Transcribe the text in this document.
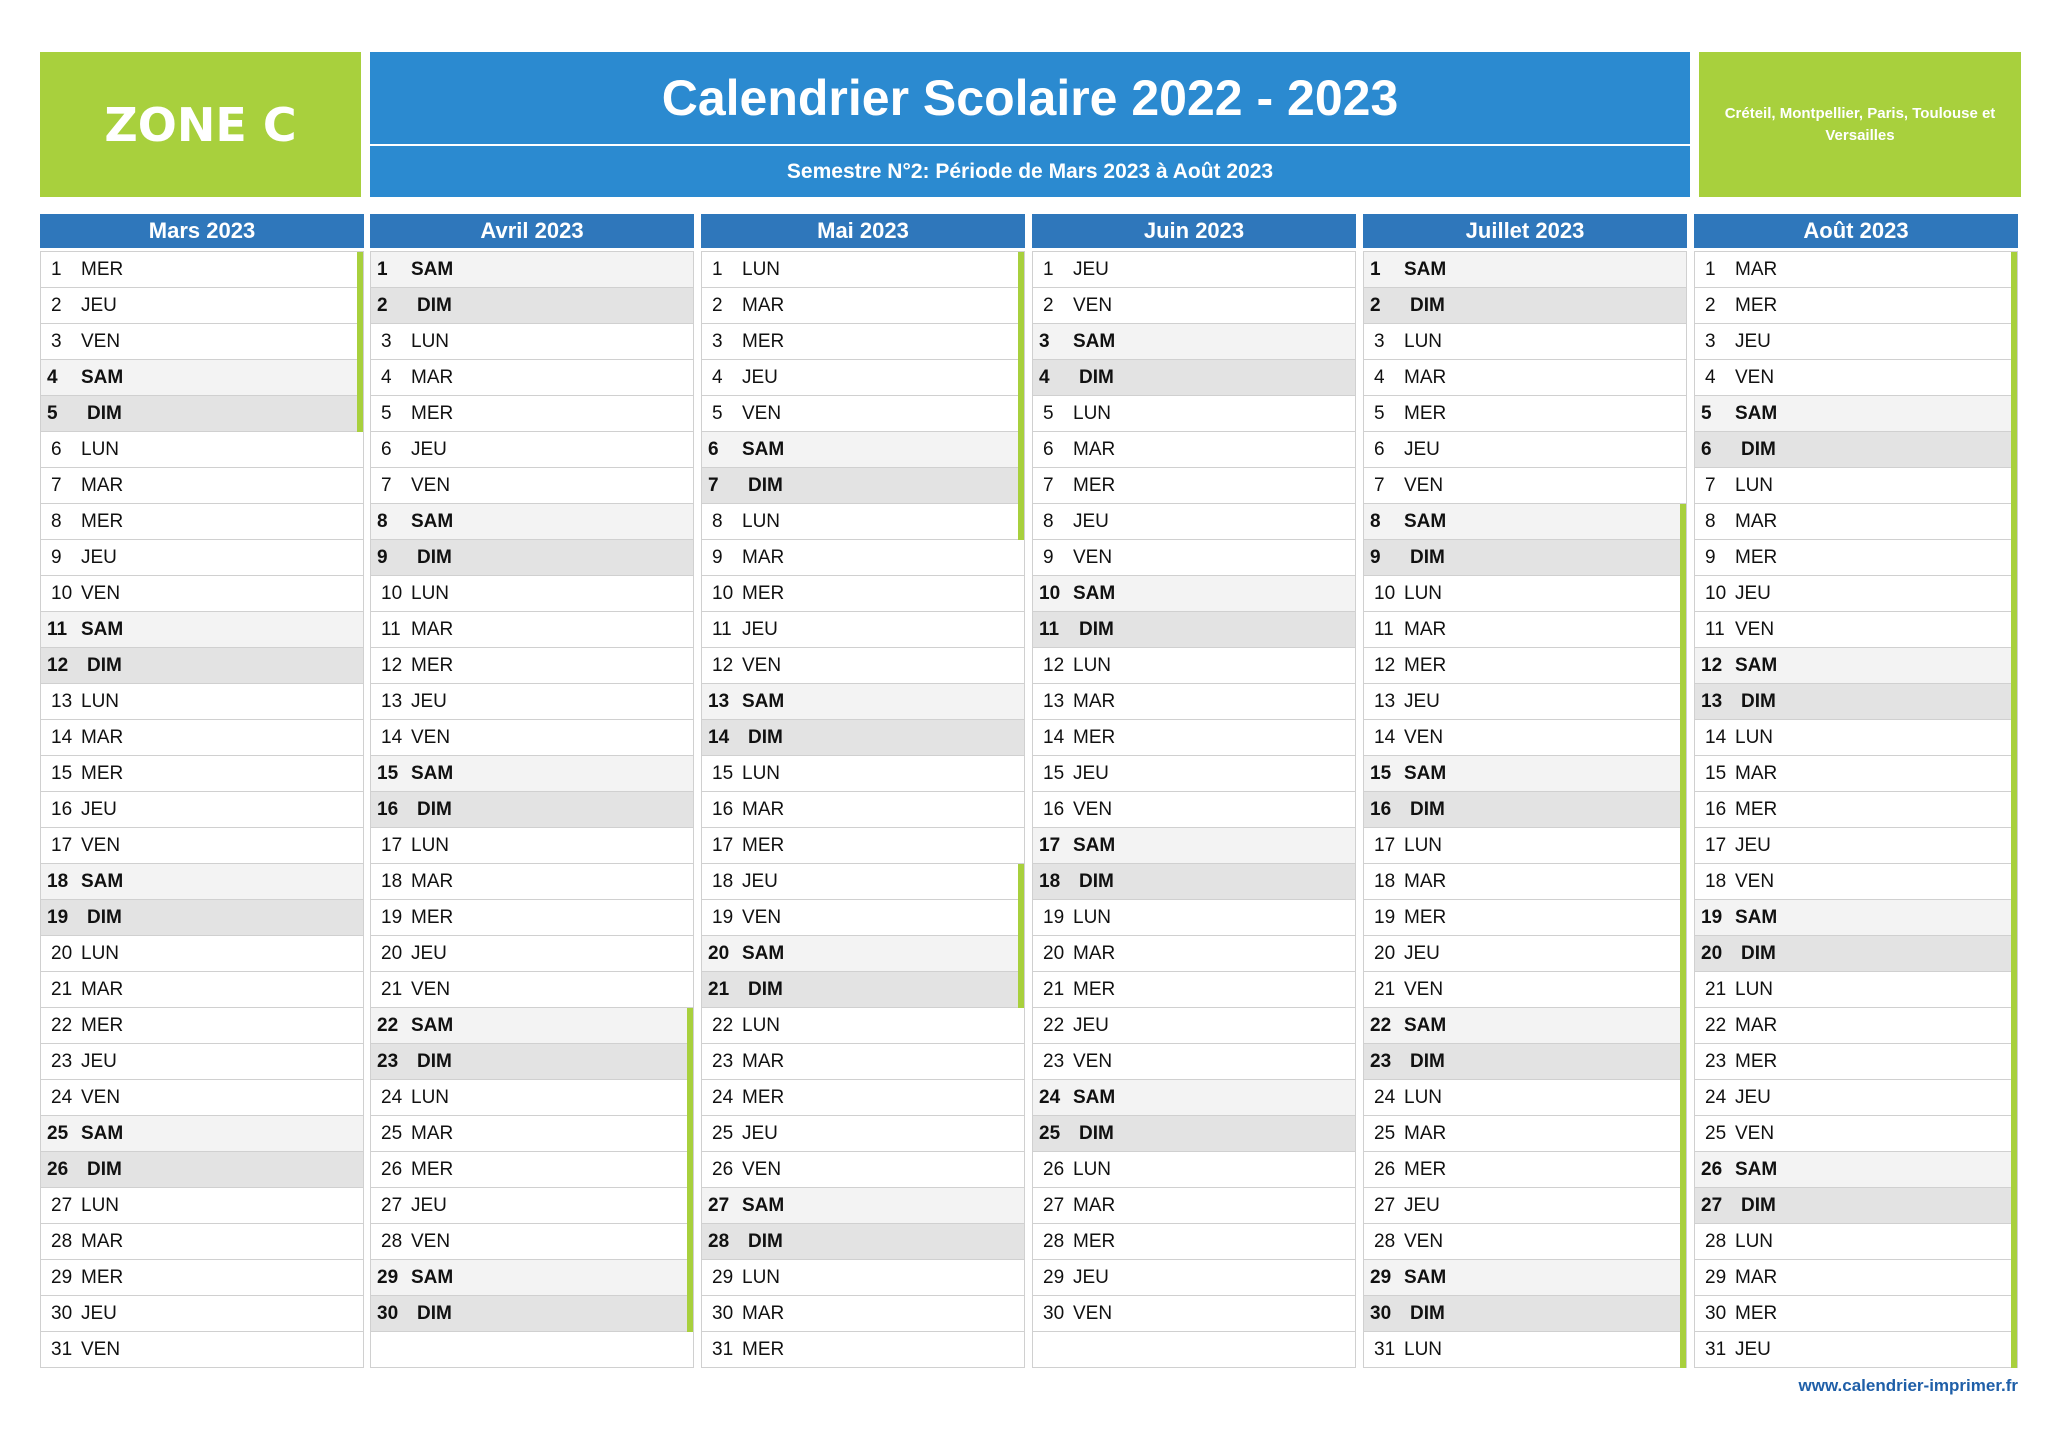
ZONE C	Calendrier Scolaire 2022 - 2023
Semestre N°2: Période de Mars 2023 à Août 2023
Créteil, Montpellier, Paris, Toulouse et Versailles
Mars 2023
1	MER
2	JEU
3	VEN
4	SAM
5	DIM
6	LUN
7	MAR
8	MER
9	JEU
10 VEN
11 SAM
12 DIM
13 LUN
14 MAR
15 MER
16 JEU
17 VEN
18 SAM
19 DIM
20 LUN
21 MAR
22 MER
23 JEU
24 VEN
25 SAM
26 DIM
27 LUN
28 MAR
29 MER
30 JEU
31 VEN
Avril 2023
1	SAM
2	DIM
3	LUN
4	MAR
5	MER
6	JEU
7	VEN
8	SAM
9	DIM
10 LUN
11 MAR
12 MER
13 JEU
14 VEN
15 SAM
16 DIM
17 LUN
18 MAR
19 MER
20 JEU
21 VEN
22 SAM
23 DIM
24 LUN
25 MAR
26 MER
27 JEU
28 VEN
29 SAM
30 DIM
Mai 2023
1	LUN
2	MAR
3	MER
4	JEU
5	VEN
6	SAM
7	DIM
8	LUN
9	MAR
10 MER
11 JEU
12 VEN
13 SAM
14 DIM
15 LUN
16 MAR
17 MER
18 JEU
19 VEN
20 SAM
21 DIM
22 LUN
23 MAR
24 MER
25 JEU
26 VEN
27 SAM
28 DIM
29 LUN
30 MAR
31 MER
Juin 2023
1	JEU
2	VEN
3	SAM
4	DIM
5	LUN
6	MAR
7	MER
8	JEU
9	VEN
10 SAM
11	DIM
12 LUN
13 MAR
14 MER
15 JEU
16 VEN
17 SAM
18 DIM
19 LUN
20 MAR
21 MER
22 JEU
23 VEN
24 SAM
25 DIM
26 LUN
27 MAR
28 MER
29 JEU
30 VEN
Juillet 2023
1	SAM
2	DIM
3	LUN
4	MAR
5	MER
6	JEU
7	VEN
8	SAM
9	DIM
10 LUN
11 MAR
12 MER
13 JEU
14 VEN
15 SAM
16 DIM
17 LUN
18 MAR
19 MER
20 JEU
21 VEN
22 SAM
23 DIM
24 LUN
25 MAR
26 MER
27 JEU
28 VEN
29 SAM
30 DIM
31 LUN
Août 2023
1	MAR
2	MER
3	JEU
4	VEN
5	SAM
6	DIM
7	LUN
8	MAR
9	MER
10 JEU
11 VEN
12 SAM
13 DIM
14 LUN
15 MAR
16 MER
17 JEU
18 VEN
19 SAM
20 DIM
21 LUN
22 MAR
23 MER
24 JEU
25 VEN
26 SAM
27 DIM
28 LUN
29 MAR
30 MER
31 JEU
www.calendrier-imprimer.fr
